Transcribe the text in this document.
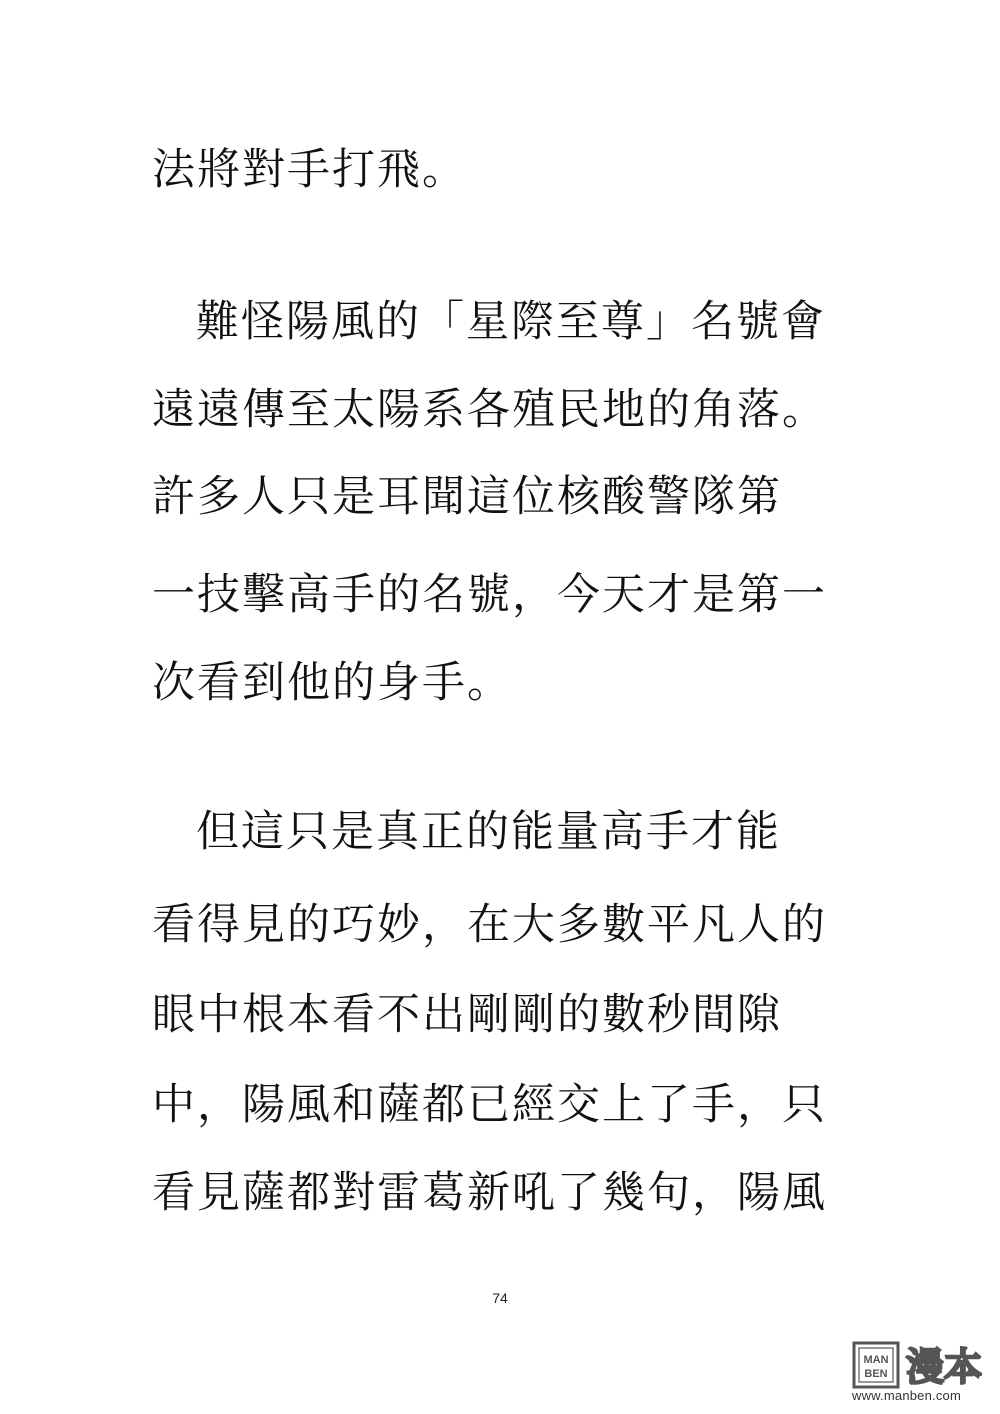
法將對手打飛。
難怪陽風的「星際至尊」名號會
遠遠傳至太陽系各殖民地的角落。
許多人只是耳聞這位核酸警隊第
一技擊高手的名號，今天才是第一
次看到他的身手。
但這只是真正的能量高手才能
看得見的巧妙，在大多數平凡人的
眼中根本看不出剛剛的數秒間隙
中，陽風和薩都已經交上了手，只
看見薩都對雷葛新吼了幾句，陽風
74
MAN
BEN 漫本
www.manben.com
